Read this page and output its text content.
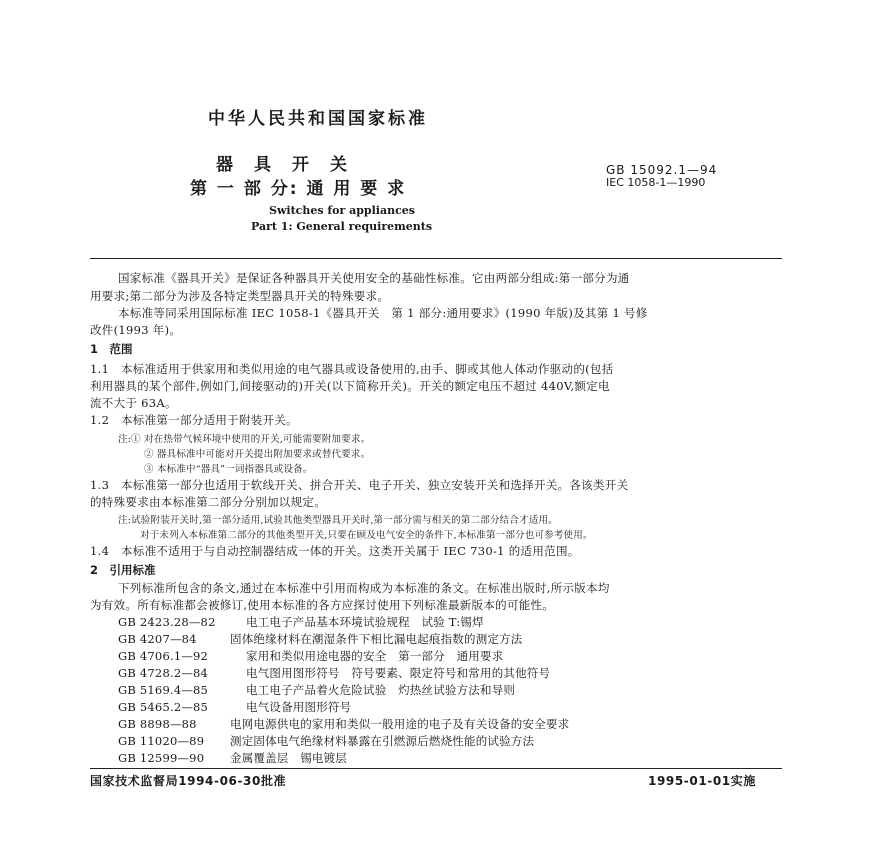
中华人民共和国国家标准
器　具　开　关
第 一 部 分: 通 用 要 求
GB 15092.1—94
IEC 1058-1—1990
Switches for appliances
Part 1: General requirements
国家标准《器具开关》是保证各种器具开关使用安全的基础性标准。它由两部分组成:第一部分为通
用要求;第二部分为涉及各特定类型器具开关的特殊要求。
本标准等同采用国际标准 IEC 1058-1《器具开关　第 1 部分:通用要求》(1990 年版)及其第 1 号修
改件(1993 年)。
1　范围
1.1　本标准适用于供家用和类似用途的电气器具或设备使用的,由手、脚或其他人体动作驱动的(包括
利用器具的某个部件,例如门,间接驱动的)开关(以下简称开关)。开关的额定电压不超过 440V,额定电
流不大于 63A。
1.2　本标准第一部分适用于附装开关。
注:① 对在热带气候环境中使用的开关,可能需要附加要求。
② 器具标准中可能对开关提出附加要求或替代要求。
③ 本标准中“器具”一词指器具或设备。
1.3　本标准第一部分也适用于软线开关、拼合开关、电子开关、独立安装开关和选择开关。各该类开关
的特殊要求由本标准第二部分分别加以规定。
注:试验附装开关时,第一部分适用,试验其他类型器具开关时,第一部分需与相关的第二部分结合才适用。
对于未列入本标准第二部分的其他类型开关,只要在顾及电气安全的条件下,本标准第一部分也可参考使用。
1.4　本标准不适用于与自动控制器结成一体的开关。这类开关属于 IEC 730-1 的适用范围。
2　引用标准
下列标准所包含的条文,通过在本标准中引用而构成为本标准的条文。在标准出版时,所示版本均
为有效。所有标准都会被修订,使用本标准的各方应探讨使用下列标准最新版本的可能性。
GB 2423.28—82	电工电子产品基本环境试验规程　试验 T:锡焊
GB 4207—84	固体绝缘材料在潮湿条件下相比漏电起痕指数的测定方法
GB 4706.1—92	家用和类似用途电器的安全　第一部分　通用要求
GB 4728.2—84	电气图用图形符号　符号要素、限定符号和常用的其他符号
GB 5169.4—85	电工电子产品着火危险试验　灼热丝试验方法和导则
GB 5465.2—85	电气设备用图形符号
GB 8898—88	电网电源供电的家用和类似一般用途的电子及有关设备的安全要求
GB 11020—89 测定固体电气绝缘材料暴露在引燃源后燃烧性能的试验方法
GB 12599—90 金属覆盖层　锡电镀层
国家技术监督局1994-06-30批准	1995-01-01实施
